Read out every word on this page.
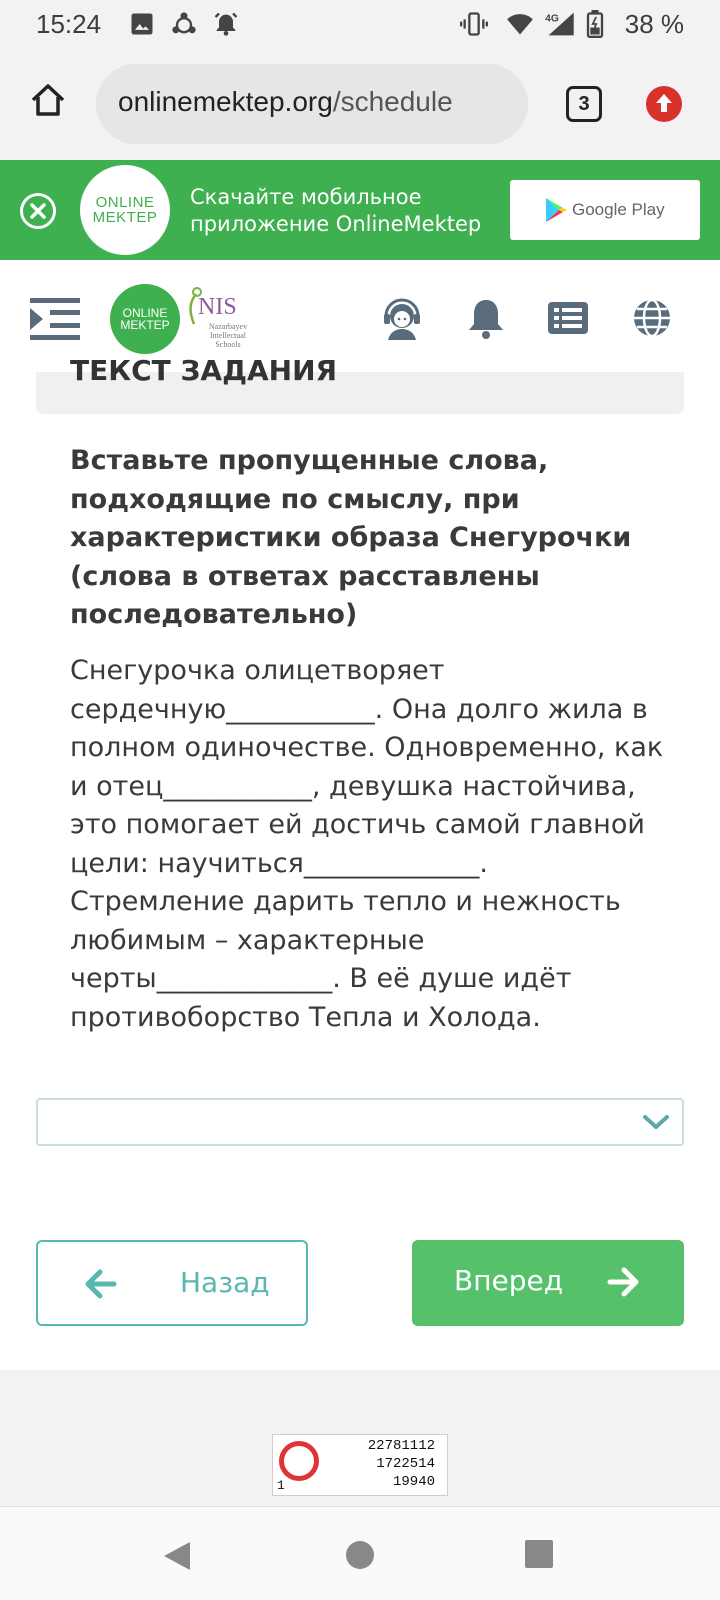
15:24	4G	38 %
onlinemektep.org/schedule	3
ONLINE
MEKTEP
Скачайте мобильное
приложение OnlineMektep
Google Play
ONLINE
MEKTEP
NIS
Nazarbayev
Intellectual
Schools
ТЕКСТ ЗАДАНИЯ
Вставьте пропущенные слова, подходящие по смыслу, при характеристики образа Снегурочки (слова в ответах расставлены последовательно)
Снегурочка олицетворяет сердечную___________. Она долго жила в полном одиночестве. Одновременно, как и отец___________, девушка настойчива, это помогает ей достичь самой главной цели: научиться_____________. Стремление дарить тепло и нежность любимым – характерные черты_____________. В её душе идёт противоборство Тепла и Холода.
Назад	Вперед
22781112
1722514
19940
1
